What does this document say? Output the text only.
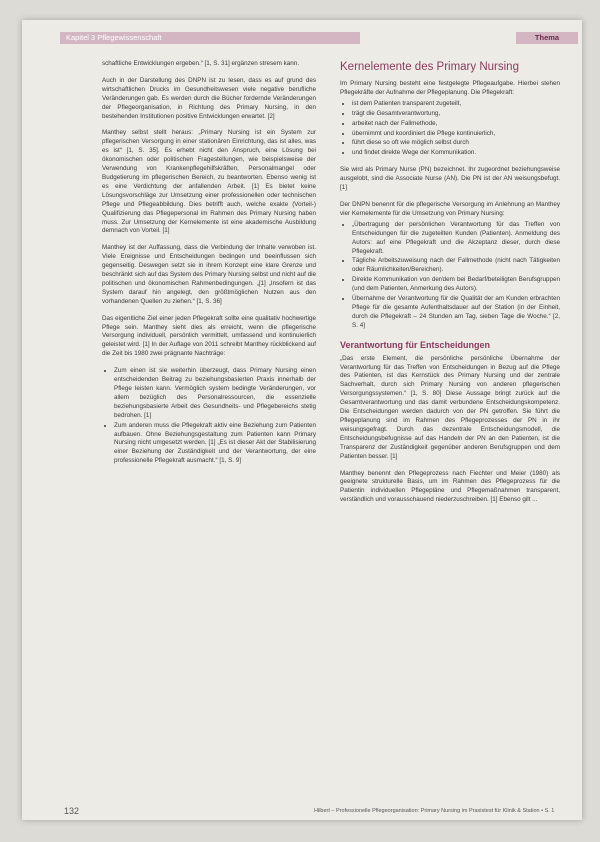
Kapitel 3 Pflegewissenschaft	Thema

schaftliche Entwicklungen ergeben.“ [1, S. 31] ergänzen stresem kann.

Auch in der Darstellung des DNPN ist zu lesen, dass es auf grund des wirtschaftlichen Drucks im Gesundheitswesen viele negative berufliche Veränderungen gab. Es werden durch die Bücher fordernde Veränderungen der Pflegeorganisation, in Richtung des Primary Nursing, in den bestehenden Institutionen positive Entwicklungen erwartet. [2]

Manthey selbst stellt heraus: „Primary Nursing ist ein System zur pflegerischen Versorgung in einer stationären Einrichtung, das ist alles, was es ist“ [1, S. 35]. Es erhebt nicht den Anspruch, eine Lösung bei ökonomischen oder politischen Fragestellungen, wie beispielsweise der Verwendung von Krankenpflegehilfskräften, Personalmangel oder Budgetierung im pflegerischen Bereich, zu beantworten. Ebenso wenig ist es eine Verdichtung der anfallenden Arbeit. [1] Es bietet keine Lösungsvorschläge zur Umsetzung einer professionellen oder technischen Pflege und Pflegeabbildung. Dies betrifft auch, welche exakte (Vorteil-) Qualifizierung das Pflegepersonal im Rahmen des Primary Nursing haben muss. Zur Umsetzung der Kernelemente ist eine akademische Ausbildung demnach von Vorteil. [1]

Manthey ist der Auffassung, dass die Verbindung der Inhalte verwoben ist. Viele Ereignisse und Entscheidungen bedingen und beeinflussen sich gegenseitig. Deswegen setzt sie in ihrem Konzept eine klare Grenze und beschränkt sich auf das System des Primary Nursing selbst und nicht auf die politischen und ökonomischen Rahmenbedingungen. „[1] „Insofern ist das System darauf hin angelegt, den größtmöglichen Nutzen aus den vorhandenen Quellen zu ziehen.“ [1, S. 36]

Das eigentliche Ziel einer jeden Pflegekraft sollte eine qualitativ hochwertige Pflege sein. Manthey sieht dies als erreicht, wenn die pflegerische Versorgung individuell, persönlich vermittelt, umfassend und kontinuierlich geleistet wird. [1] In der Auflage von 2011 schreibt Manthey rückblickend auf die Zeit bis 1980 zwei prägnante Nachträge:

• Zum einen ist sie weiterhin überzeugt, dass Primary Nursing einen entscheidenden Beitrag zu beziehungsbasierten Praxis innerhalb der Pflege leisten kann. Vermöglich system bedingte Veränderungen, vor allem bezüglich des Personalressourcen, die essenzielle beziehungsbasierte Arbeit des Gesundheits- und Pflegebereichs stetig bedrohen. [1]
• Zum anderen muss die Pflegekraft aktiv eine Beziehung zum Patienten aufbauen. Ohne Beziehungsgestaltung zum Patienten kann Primary Nursing nicht umgesetzt werden. [1] „Es ist dieser Akt der Stabilisierung einer Beziehung der Zuständigkeit und der Verantwortung, der eine professionelle Pflegekraft ausmacht.“ [1, S. 9]
Kernelemente des Primary Nursing

Im Primary Nursing besteht eine festgelegte Pflegeaufgabe. Hierbei stehen Pflegekräfte der Aufnahme der Pflegeplanung. Die Pflegekraft:

• ist dem Patienten transparent zugeteilt,
• trägt die Gesamtverantwortung,
• arbeitet nach der Fallmethode,
• übernimmt und koordiniert die Pflege kontinuierlich,
• führt diese so oft wie möglich selbst durch
• und findet direkte Wege der Kommunikation.

Sie wird als Primary Nurse (PN) bezeichnet. Ihr zugeordnet beziehungsweise ausgelobt, sind die Associate Nurse (AN). Die PN ist der AN weisungsbefugt. [1]

Der DNPN benennt für die pflegerische Versorgung im Anlehnung an Manthey vier Kernelemente für die Umsetzung von Primary Nursing:

• „Übertragung der persönlichen Verantwortung für das Treffen von Entscheidungen für die zugeteilten Kunden (Patienten). Anmeldung des Autors: auf eine Pflegekraft und die Akzeptanz dieser, durch diese Pflegekraft.
• Tägliche Arbeitszuweisung nach der Fallmethode (nicht nach Tätigkeiten oder Räumlichkeiten/Bereichen).
• Direkte Kommunikation von der/dem bei Bedarf/beteiligten Berufsgruppen (und dem Patienten, Anmerkung des Autors).
• Übernahme der Verantwortung für die Qualität der am Kunden erbrachten Pflege für die gesamte Aufenthaltsdauer auf der Station (in der Einheit, durch die Pflegekraft – 24 Stunden am Tag, sieben Tage die Woche.“ [2, S. 4]
Verantwortung für Entscheidungen

„Das erste Element, die persönliche persönliche Übernahme der Verantwortung für das Treffen von Entscheidungen in Bezug auf die Pflege des Patienten, ist das Kernstück des Primary Nursing und der zentrale Sachverhalt, durch sich Primary Nursing von anderen pflegerischen Versorgungssystemen.“ [1, S. 80] Diese Aussage bringt zurück auf die Gesamtverantwortung und das damit verbundene Entscheidungskompetenz. Die Entscheidungen werden dadurch von der PN getroffen. Sie führt die Pflegeplanung sind im Rahmen des Pflegeprozesses der PN in ihr weisungsgefragt. Durch das dezentrale Entscheidungsmodell, die Entscheidungsbefugnisse auf das Handeln der PN an den Patienten, ist die Transparenz der Zuständigkeit gegenüber anderen Berufsgruppen und dem Patienten besser. [1]

Manthey benennt den Pflegeprozess nach Fiechter und Meier (1980) als geeignete strukturelle Basis, um im Rahmen des Pflegeprozess für die Patientin individuellen Pflegepläne und Pflegemaßnahmen transparent, verständlich und vorausschauend niederzuschreiben. [1] Ebenso gilt ...

132	Hilbert – Professionelle Pflegeorganisation: Primary Nursing im Praxistest für Klinik & Station • S. 1
